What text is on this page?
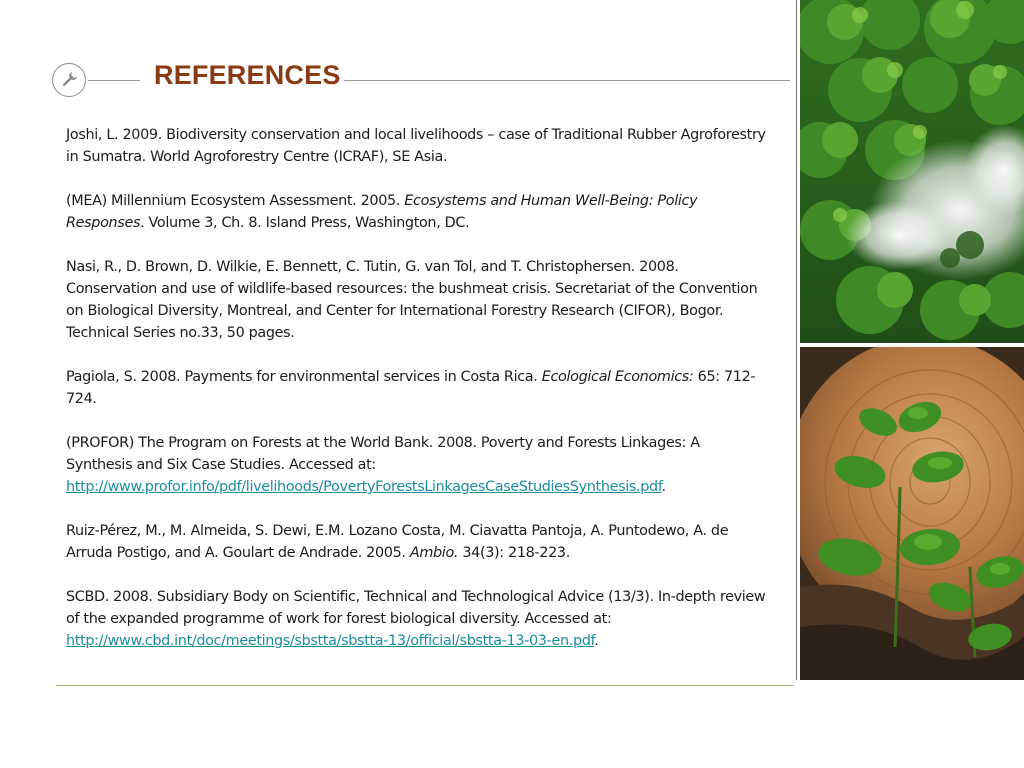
REFERENCES

Joshi, L. 2009. Biodiversity conservation and local livelihoods – case of Traditional Rubber Agroforestry in Sumatra. World Agroforestry Centre (ICRAF), SE Asia.

(MEA) Millennium Ecosystem Assessment. 2005. Ecosystems and Human Well-Being: Policy Responses. Volume 3, Ch. 8. Island Press, Washington, DC.

Nasi, R., D. Brown, D. Wilkie, E. Bennett, C. Tutin, G. van Tol, and T. Christophersen. 2008. Conservation and use of wildlife-based resources: the bushmeat crisis. Secretariat of the Convention on Biological Diversity, Montreal, and Center for International Forestry Research (CIFOR), Bogor. Technical Series no.33, 50 pages.

Pagiola, S. 2008. Payments for environmental services in Costa Rica. Ecological Economics: 65: 712-724.

(PROFOR) The Program on Forests at the World Bank. 2008. Poverty and Forests Linkages: A Synthesis and Six Case Studies. Accessed at: http://www.profor.info/pdf/livelihoods/PovertyForestsLinkagesCaseStudiesSynthesis.pdf.

Ruiz-Pérez, M., M. Almeida, S. Dewi, E.M. Lozano Costa, M. Ciavatta Pantoja, A. Puntodewo, A. de Arruda Postigo, and A. Goulart de Andrade. 2005. Ambio. 34(3): 218-223.

SCBD. 2008. Subsidiary Body on Scientific, Technical and Technological Advice (13/3). In-depth review of the expanded programme of work for forest biological diversity. Accessed at: http://www.cbd.int/doc/meetings/sbstta/sbstta-13/official/sbstta-13-03-en.pdf.
